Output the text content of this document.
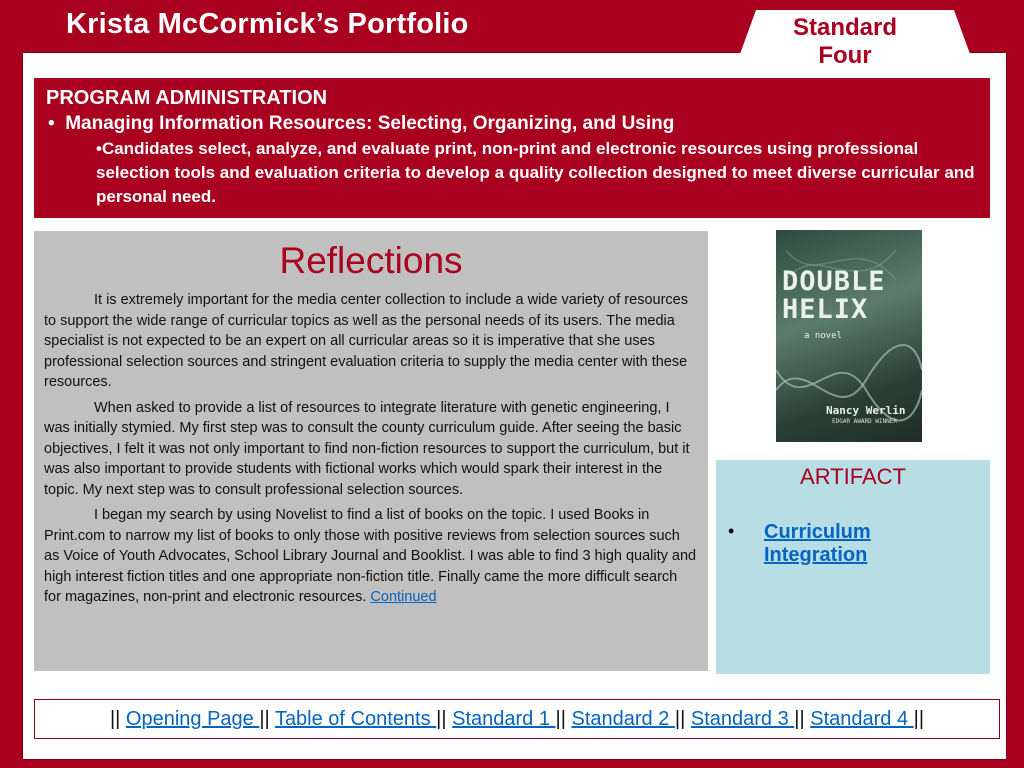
Krista McCormick’s Portfolio	Standard Four
PROGRAM ADMINISTRATION
•  Managing Information Resources: Selecting, Organizing, and Using
•Candidates select, analyze, and evaluate print, non-print and electronic resources using professional selection tools and evaluation criteria to develop a quality collection designed to meet diverse curricular and personal need.
Reflections

It is extremely important for the media center collection to include a wide variety of resources to support the wide range of curricular topics as well as the personal needs of its users. The media specialist is not expected to be an expert on all curricular areas so it is imperative that she uses professional selection sources and stringent evaluation criteria to supply the media center with these resources.

When asked to provide a list of resources to integrate literature with genetic engineering, I was initially stymied. My first step was to consult the county curriculum guide. After seeing the basic objectives, I felt it was not only important to find non-fiction resources to support the curriculum, but it was also important to provide students with fictional works which would spark their interest in the topic. My next step was to consult professional selection sources.

I began my search by using Novelist to find a list of books on the topic. I used Books in Print.com to narrow my list of books to only those with positive reviews from selection sources such as Voice of Youth Advocates, School Library Journal and Booklist. I was able to find 3 high quality and high interest fiction titles and one appropriate non-fiction title. Finally came the more difficult search for magazines, non-print and electronic resources. Continued

DOUBLE
HELIX
a novel
Nancy Werlin
EDGAR AWARD WINNER
ARTIFACT
• Curriculum Integration
|| Opening Page || Table of Contents || Standard 1 || Standard 2 || Standard 3 || Standard 4 ||
